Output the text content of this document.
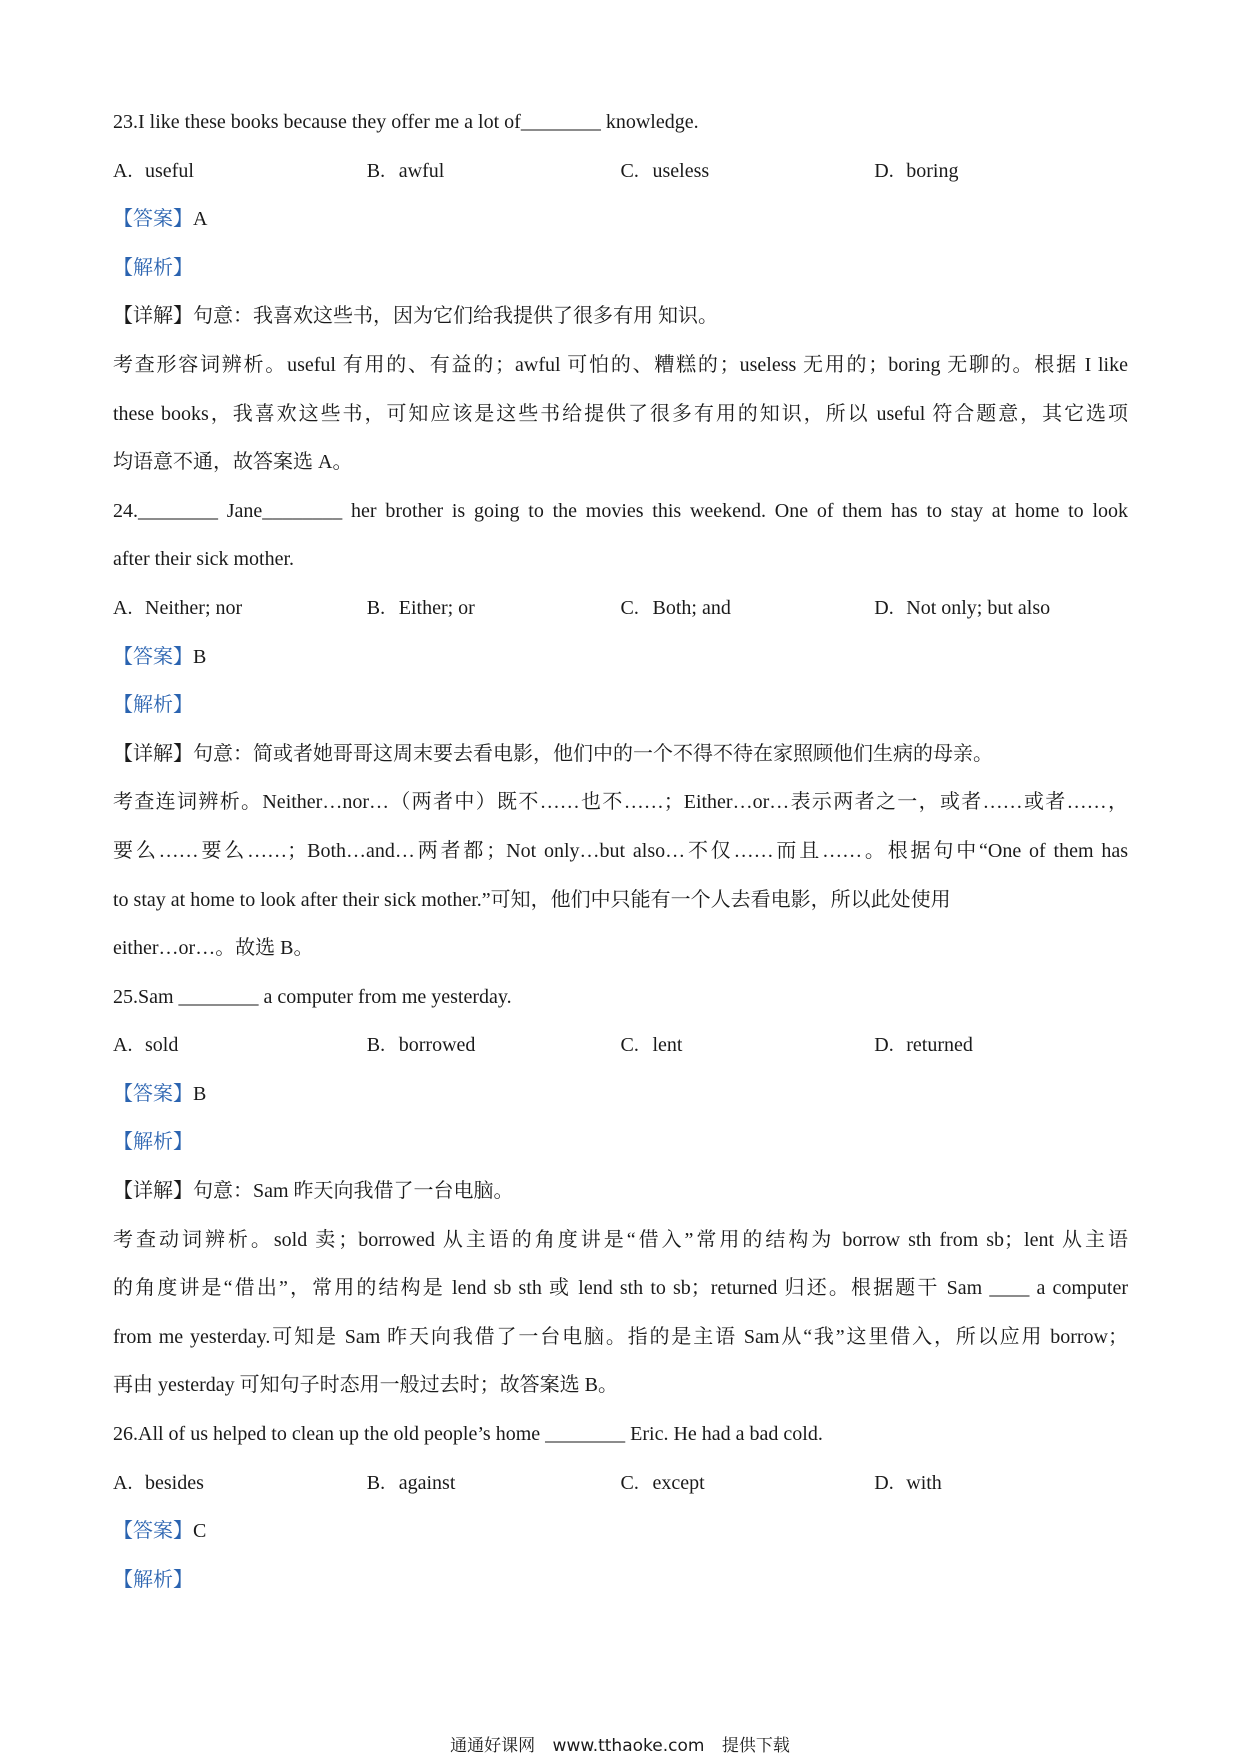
23.I like these books because they offer me a lot of________ knowledge.
A. useful	B. awful	C. useless	D. boring
【答案】A
【解析】
【详解】句意：我喜欢这些书，因为它们给我提供了很多有用 知识。
考查形容词辨析。useful 有用的、有益的；awful 可怕的、糟糕的；useless 无用的；boring 无聊的。根据 I like
these books，我喜欢这些书，可知应该是这些书给提供了很多有用的知识，所以 useful 符合题意，其它选项
均语意不通，故答案选 A。
24.________ Jane________ her brother is going to the movies this weekend. One of them has to stay at home to look
after their sick mother.
A. Neither; nor	B. Either; or	C. Both; and	D. Not only; but also
【答案】B
【解析】
【详解】句意：简或者她哥哥这周末要去看电影，他们中的一个不得不待在家照顾他们生病的母亲。
考查连词辨析。Neither…nor…（两者中）既不……也不……；Either…or…表示两者之一，或者……或者……，
要么……要么……；Both…and…两者都；Not only…but also…不仅……而且……。根据句中“One of them has
to stay at home to look after their sick mother.”可知，他们中只能有一个人去看电影，所以此处使用
either…or…。故选 B。
25.Sam ________ a computer from me yesterday.
A. sold	B. borrowed	C. lent	D. returned
【答案】B
【解析】
【详解】句意：Sam 昨天向我借了一台电脑。
考查动词辨析。sold 卖；borrowed 从主语的角度讲是“借入”常用的结构为 borrow sth from sb；lent 从主语
的角度讲是“借出”，常用的结构是 lend sb sth 或 lend sth to sb；returned 归还。根据题干 Sam ____ a computer
from me yesterday.可知是 Sam 昨天向我借了一台电脑。指的是主语 Sam从“我”这里借入，所以应用 borrow；
再由 yesterday 可知句子时态用一般过去时；故答案选 B。
26.All of us helped to clean up the old people’s home ________ Eric. He had a bad cold.
A. besides	B. against	C. except	D. with
【答案】C
【解析】
通通好课网 www.tthaoke.com 提供下载
